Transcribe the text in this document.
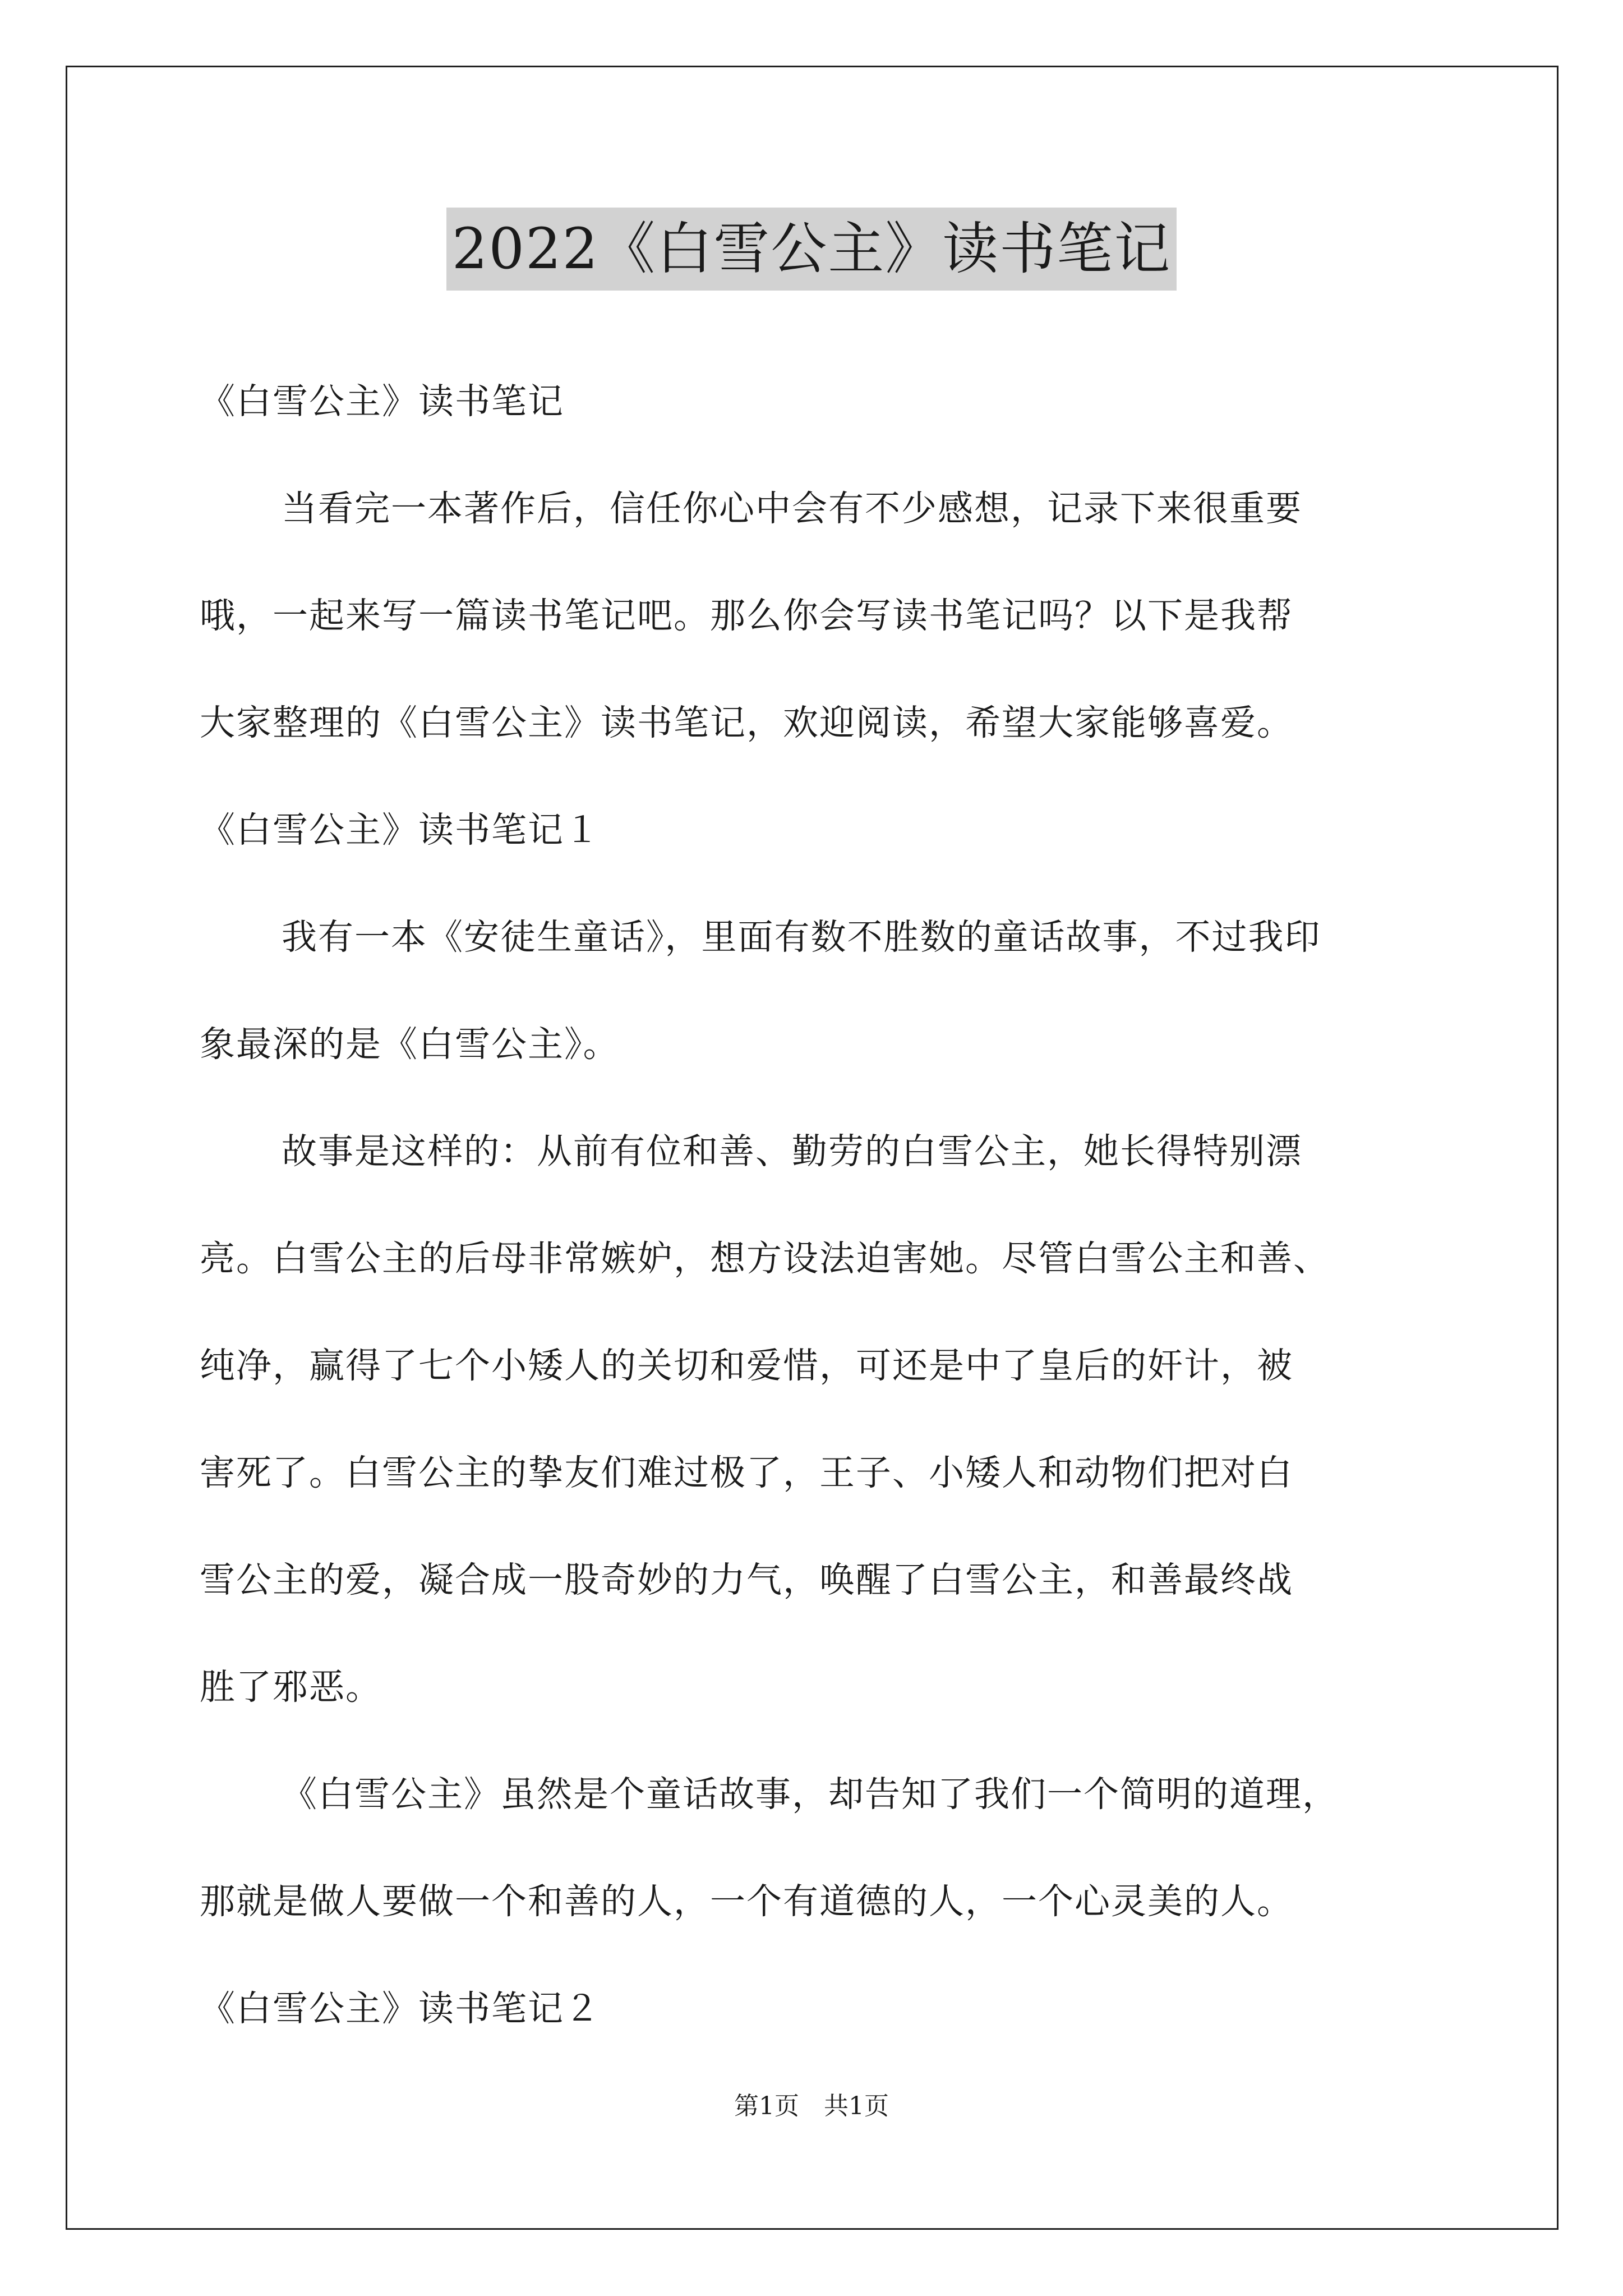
2022《白雪公主》读书笔记
《白雪公主》读书笔记
当看完一本著作后，信任你心中会有不少感想，记录下来很重要
哦，一起来写一篇读书笔记吧。那么你会写读书笔记吗？以下是我帮
大家整理的《白雪公主》读书笔记，欢迎阅读，希望大家能够喜爱。
《白雪公主》读书笔记１
我有一本《安徒生童话》，里面有数不胜数的童话故事，不过我印
象最深的是《白雪公主》。
故事是这样的：从前有位和善、勤劳的白雪公主，她长得特别漂
亮。白雪公主的后母非常嫉妒，想方设法迫害她。尽管白雪公主和善、
纯净，赢得了七个小矮人的关切和爱惜，可还是中了皇后的奸计，被
害死了。白雪公主的挚友们难过极了，王子、小矮人和动物们把对白
雪公主的爱，凝合成一股奇妙的力气，唤醒了白雪公主，和善最终战
胜了邪恶。
《白雪公主》虽然是个童话故事，却告知了我们一个简明的道理，
那就是做人要做一个和善的人，一个有道德的人，一个心灵美的人。
《白雪公主》读书笔记２
第1页　共1页
